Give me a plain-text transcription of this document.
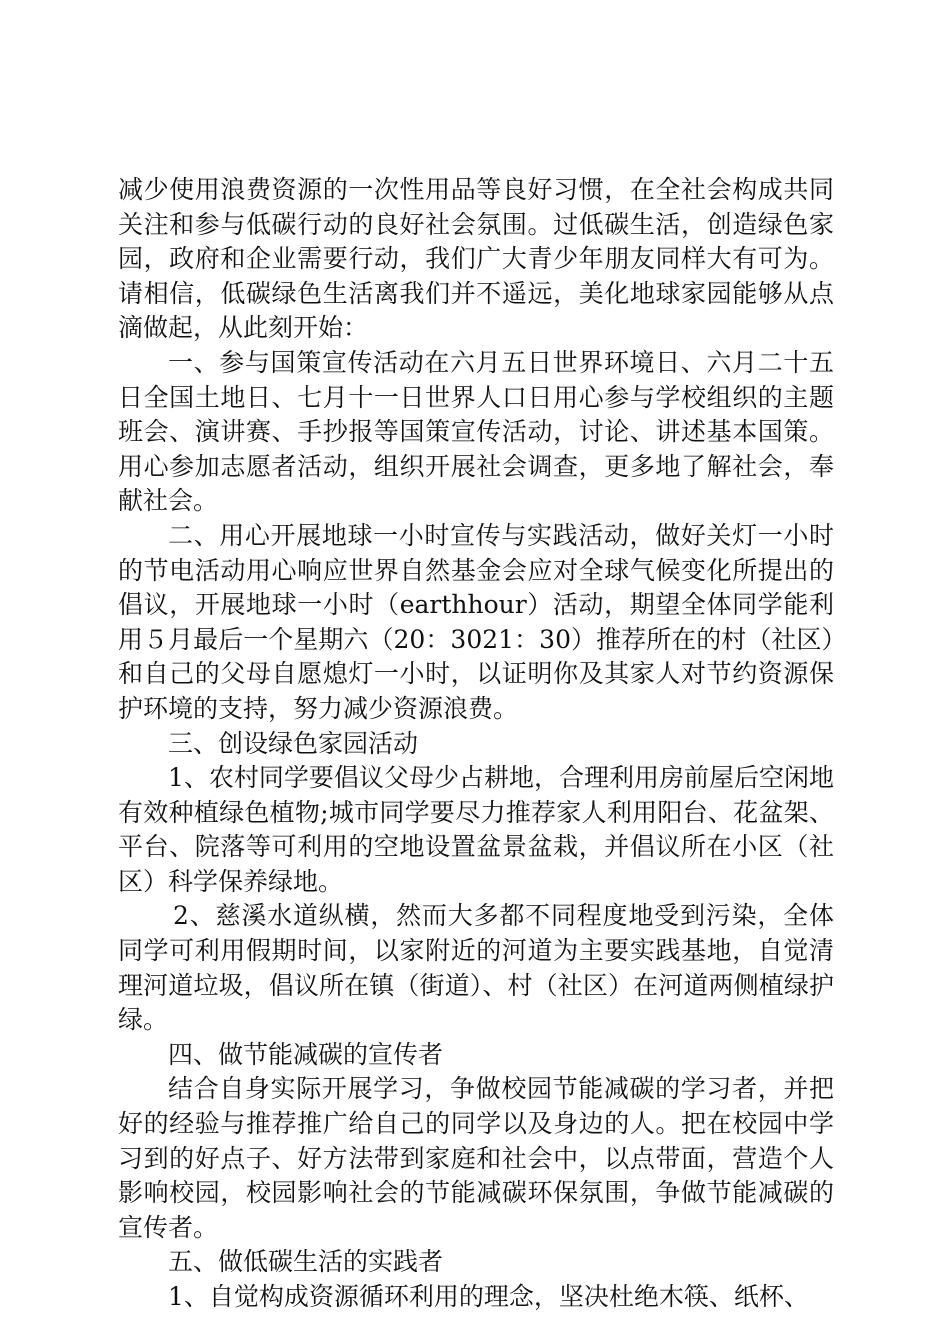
减少使用浪费资源的一次性用品等良好习惯，在全社会构成共同关注和参与低碳行动的良好社会氛围。过低碳生活，创造绿色家园，政府和企业需要行动，我们广大青少年朋友同样大有可为。请相信，低碳绿色生活离我们并不遥远，美化地球家园能够从点滴做起，从此刻开始：

一、参与国策宣传活动在六月五日世界环境日、六月二十五日全国土地日、七月十一日世界人口日用心参与学校组织的主题班会、演讲赛、手抄报等国策宣传活动，讨论、讲述基本国策。用心参加志愿者活动，组织开展社会调查，更多地了解社会，奉献社会。

二、用心开展地球一小时宣传与实践活动，做好关灯一小时的节电活动用心响应世界自然基金会应对全球气候变化所提出的倡议，开展地球一小时（earthhour）活动，期望全体同学能利用５月最后一个星期六（20：3021：30）推荐所在的村（社区）和自己的父母自愿熄灯一小时，以证明你及其家人对节约资源保护环境的支持，努力减少资源浪费。

三、创设绿色家园活动

1、农村同学要倡议父母少占耕地，合理利用房前屋后空闲地有效种植绿色植物;城市同学要尽力推荐家人利用阳台、花盆架、平台、院落等可利用的空地设置盆景盆栽，并倡议所在小区（社区）科学保养绿地。

2、慈溪水道纵横，然而大多都不同程度地受到污染，全体同学可利用假期时间，以家附近的河道为主要实践基地，自觉清理河道垃圾，倡议所在镇（街道）、村（社区）在河道两侧植绿护绿。

四、做节能减碳的宣传者

结合自身实际开展学习，争做校园节能减碳的学习者，并把好的经验与推荐推广给自己的同学以及身边的人。把在校园中学习到的好点子、好方法带到家庭和社会中，以点带面，营造个人影响校园，校园影响社会的节能减碳环保氛围，争做节能减碳的宣传者。

五、做低碳生活的实践者

1、自觉构成资源循环利用的理念，坚决杜绝木筷、纸杯、
